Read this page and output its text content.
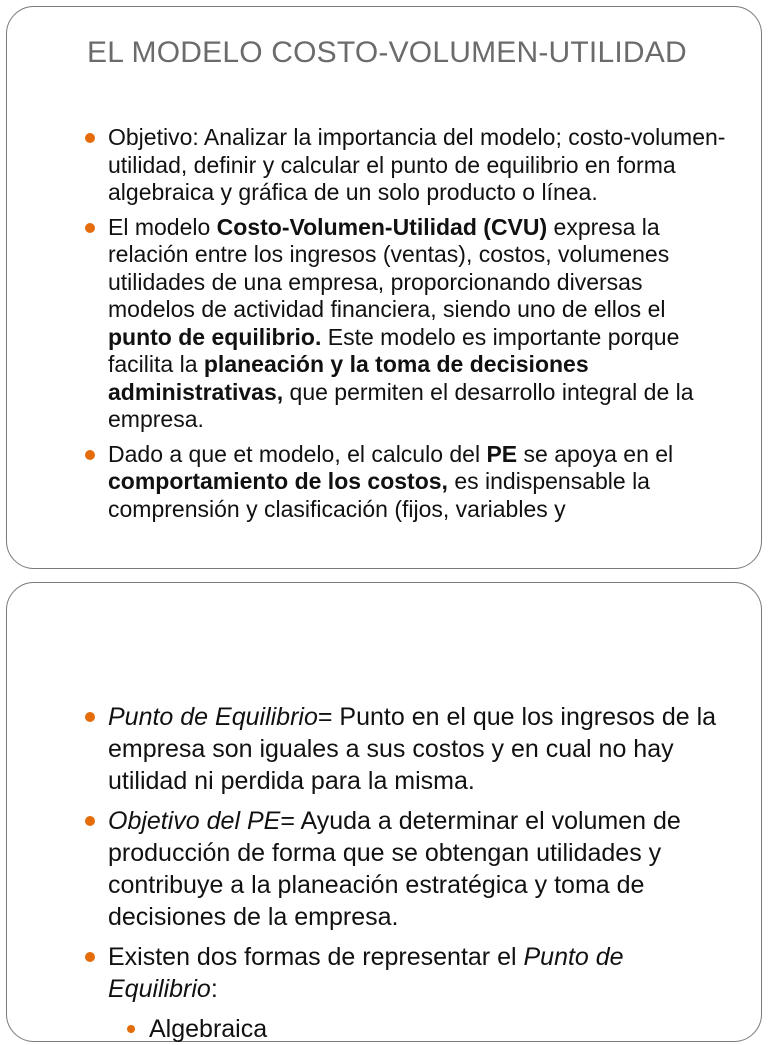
EL MODELO COSTO-VOLUMEN-UTILIDAD
Objetivo: Analizar la importancia del modelo; costo-volumen-utilidad, definir y calcular el punto de equilibrio en forma algebraica y gráfica de un solo producto o línea.
El modelo Costo-Volumen-Utilidad (CVU) expresa la relación entre los ingresos (ventas), costos, volumenes utilidades de una empresa, proporcionando diversas modelos de actividad financiera, siendo uno de ellos el punto de equilibrio. Este modelo es importante porque facilita la planeación y la toma de decisiones administrativas, que permiten el desarrollo integral de la empresa.
Dado a que et modelo, el calculo del PE se apoya en el comportamiento de los costos, es indispensable la comprensión y clasificación (fijos, variables y
Punto de Equilibrio= Punto en el que los ingresos de la empresa son iguales a sus costos y en cual no hay utilidad ni perdida para la misma.
Objetivo del PE= Ayuda a determinar el volumen de producción de forma que se obtengan utilidades y contribuye a la planeación estratégica y toma de decisiones de la empresa.
Existen dos formas de representar el Punto de Equilibrio:
Algebraica
